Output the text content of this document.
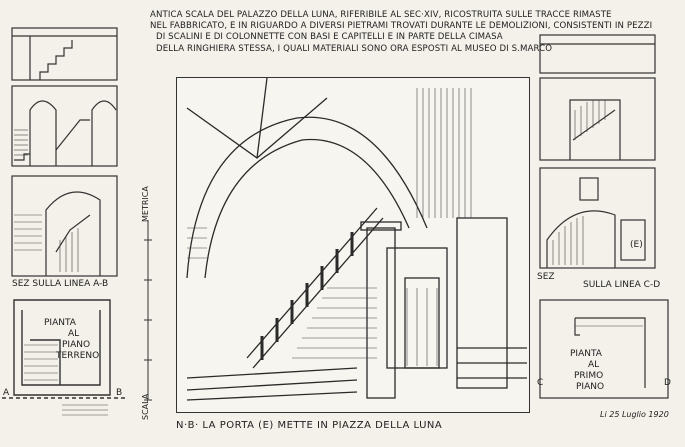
ANTICA SCALA DEL PALAZZO DELLA LUNA, RIFERIBILE AL SEC·XIV, RICOSTRUITA SULLE TRACCE RIMASTE
NEL FABBRICATO, E IN RIGUARDO A DIVERSI PIETRAMI TROVATI DURANTE LE DEMOLIZIONI, CONSISTENTI IN PEZZI
DI SCALINI E DI COLONNETTE CON BASI E CAPITELLI E IN PARTE DELLA CIMASA
DELLA RINGHIERA STESSA, I QUALI MATERIALI SONO ORA ESPOSTI AL MUSEO DI S.MARCO
SEZ SULLA LINEA A-B
PIANTA
AL
PIANO
TERRENO
A	B
METRICA
SCALA
N·B· LA PORTA (E) METTE IN PIAZZA DELLA LUNA
(E)
SEZ
SULLA LINEA C-D
PIANTA
AL
PRIMO
PIANO
C	D
Li 25 Luglio 1920
